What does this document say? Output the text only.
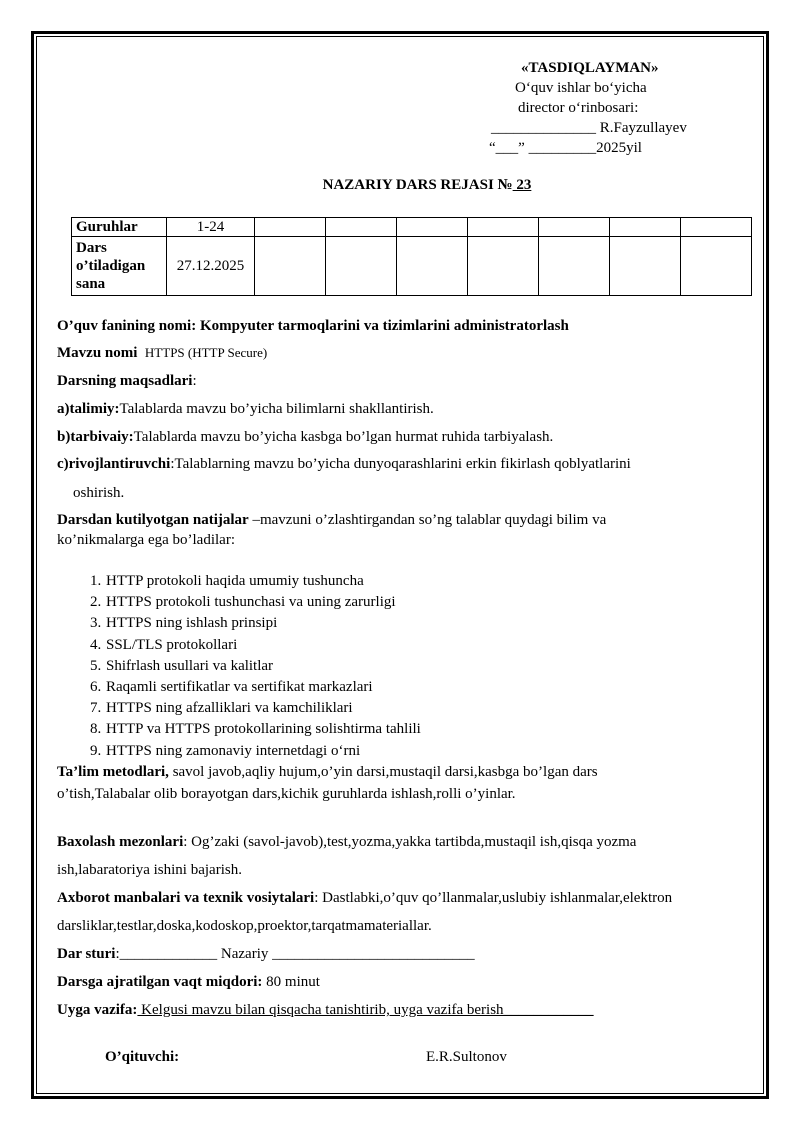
«TASDIQLAYMAN»
O‘quv ishlar bo‘yicha
director o‘rinbosari:
______________ R.Fayzullayev
“___” _________2025yil
NAZARIY DARS REJASI № 23
Guruhlar	1-24							

Dars
o’tiladigan
sana	27.12.2025							
O’quv fanining nomi: Kompyuter tarmoqlarini va tizimlarini administratorlash
Mavzu nomi HTTPS (HTTP Secure)
Darsning maqsadlari:
a)talimiy:Talablarda mavzu bo’yicha bilimlarni shakllantirish.
b)tarbivaiy:Talablarda mavzu bo’yicha kasbga bo’lgan hurmat ruhida tarbiyalash.
c)rivojlantiruvchi:Talablarning mavzu bo’yicha dunyoqarashlarini erkin fikirlash qoblyatlarini
oshirish.
Darsdan kutilyotgan natijalar –mavzuni o’zlashtirgandan so’ng talablar quydagi bilim va
ko’nikmalarga ega bo’ladilar:
1. HTTP protokoli haqida umumiy tushuncha
2. HTTPS protokoli tushunchasi va uning zarurligi
3. HTTPS ning ishlash prinsipi
4. SSL/TLS protokollari
5. Shifrlash usullari va kalitlar
6. Raqamli sertifikatlar va sertifikat markazlari
7. HTTPS ning afzalliklari va kamchiliklari
8. HTTP va HTTPS protokollarining solishtirma tahlili
9. HTTPS ning zamonaviy internetdagi o‘rni
Ta’lim metodlari, savol javob,aqliy hujum,o’yin darsi,mustaqil darsi,kasbga bo’lgan dars
o’tish,Talabalar olib borayotgan dars,kichik guruhlarda ishlash,rolli o’yinlar.
Baxolash mezonlari: Og’zaki (savol-javob),test,yozma,yakka tartibda,mustaqil ish,qisqa yozma
ish,labaratoriya ishini bajarish.
Axborot manbalari va texnik vosiytalari: Dastlabki,o’quv qo’llanmalar,uslubiy ishlanmalar,elektron
darsliklar,testlar,doska,kodoskop,proektor,tarqatmamateriallar.
Dar sturi:_____________ Nazariy ___________________________
Darsga ajratilgan vaqt miqdori: 80 minut
Uyga vazifa: Kelgusi mavzu bilan qisqacha tanishtirib, uyga vazifa berish____________
O’qituvchi:	E.R.Sultonov
